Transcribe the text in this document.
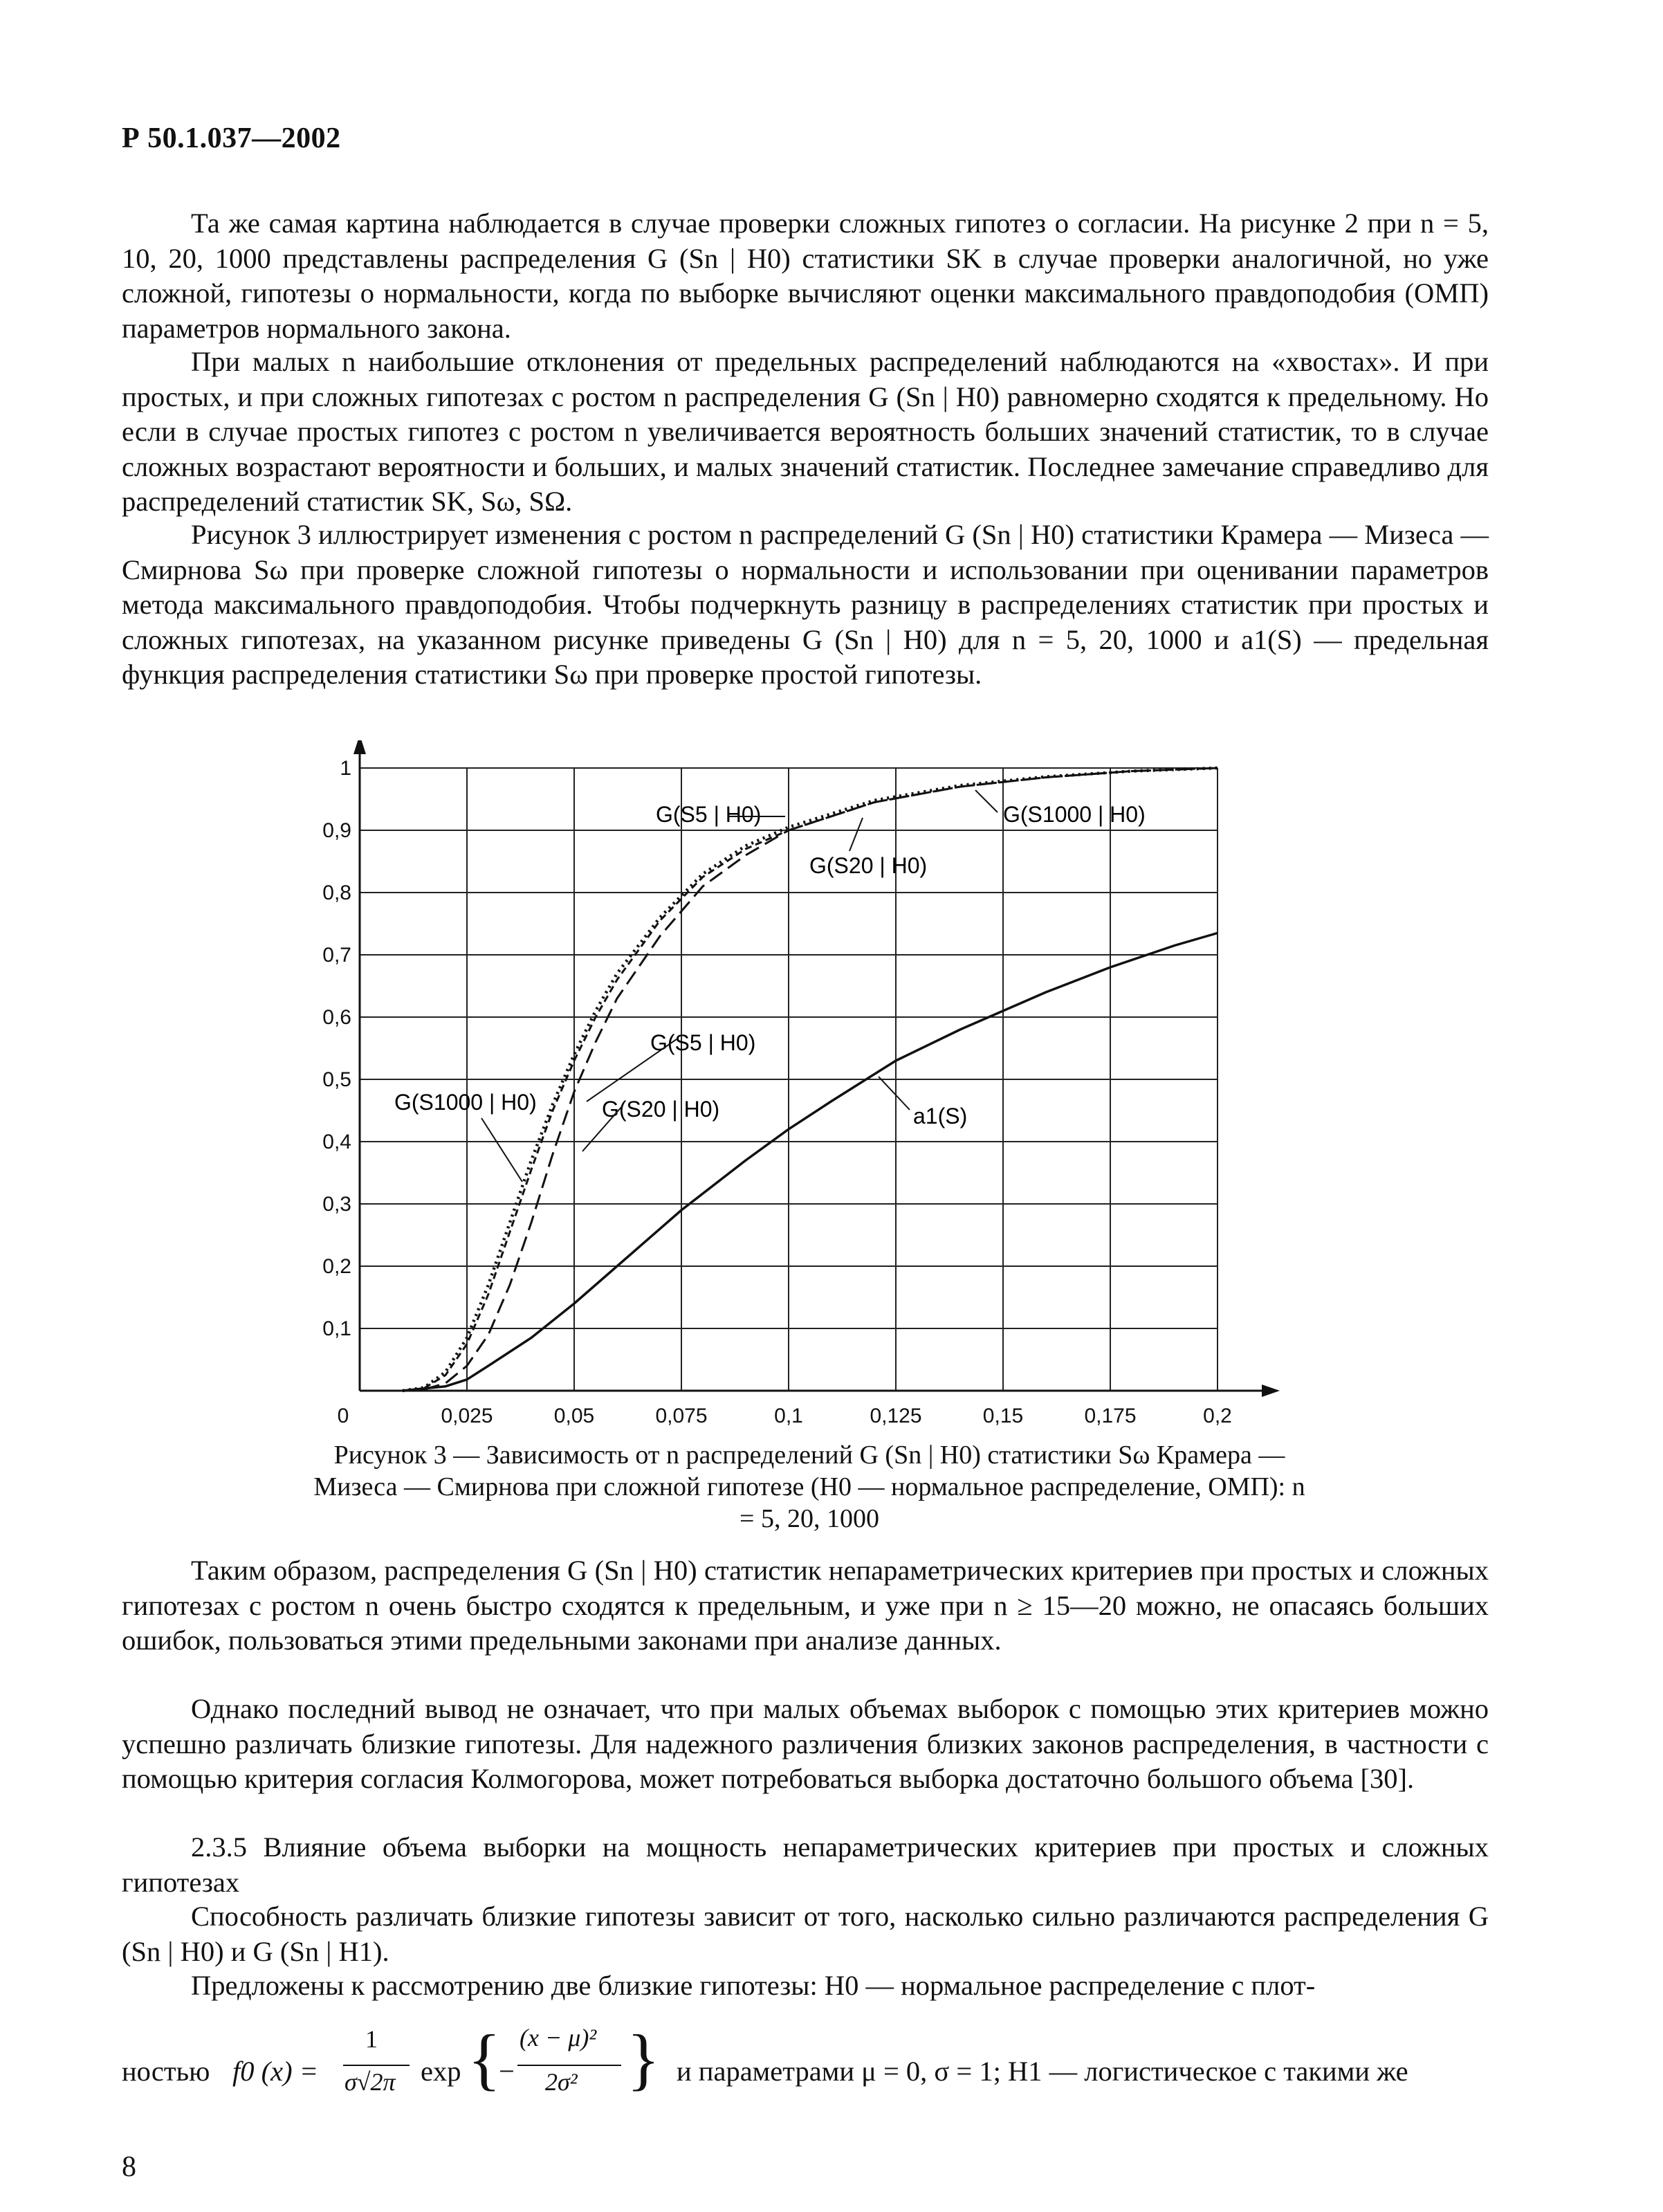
Р 50.1.037—2002
Та же самая картина наблюдается в случае проверки сложных гипотез о согласии. На рисунке 2 при n = 5, 10, 20, 1000 представлены распределения G (Sn | H0) статистики SK в случае проверки аналогичной, но уже сложной, гипотезы о нормальности, когда по выборке вычисляют оценки максимального правдоподобия (ОМП) параметров нормального закона.
При малых n наибольшие отклонения от предельных распределений наблюдаются на «хвостах». И при простых, и при сложных гипотезах с ростом n распределения G (Sn | H0) равномерно сходятся к предельному. Но если в случае простых гипотез с ростом n увеличивается вероятность больших значений статистик, то в случае сложных возрастают вероятности и больших, и малых значений статистик. Последнее замечание справедливо для распределений статистик SK, Sω, SΩ.
Рисунок 3 иллюстрирует изменения с ростом n распределений G (Sn | H0) статистики Крамера — Мизеса — Смирнова Sω при проверке сложной гипотезы о нормальности и использовании при оценивании параметров метода максимального правдоподобия. Чтобы подчеркнуть разницу в распределениях статистик при простых и сложных гипотезах, на указанном рисунке приведены G (Sn | H0) для n = 5, 20, 1000 и a1(S) — предельная функция распределения статистики Sω при проверке простой гипотезы.
0	0,025	0,05	0,075	0,1	0,125	0,15	0,175	0,2
0,1
0,2
0,3
0,4
0,5
0,6
0,7
0,8
0,9
1
G(S5 | H0)	G(S1000 | H0)
G(S20 | H0)
G(S5 | H0)
G(S1000 | H0)	G(S20 | H0)	a1(S)
Рисунок 3 — Зависимость от n распределений G (Sn | H0) статистики Sω Крамера — Мизеса — Смирнова при сложной гипотезе (H0 — нормальное распределение, ОМП): n = 5, 20, 1000
Таким образом, распределения G (Sn | H0) статистик непараметрических критериев при простых и сложных гипотезах с ростом n очень быстро сходятся к предельным, и уже при n ≥ 15—20 можно, не опасаясь больших ошибок, пользоваться этими предельными законами при анализе данных.
Однако последний вывод не означает, что при малых объемах выборок с помощью этих критериев можно успешно различать близкие гипотезы. Для надежного различения близких законов распределения, в частности с помощью критерия согласия Колмогорова, может потребоваться выборка достаточно большого объема [30].
2.3.5 Влияние объема выборки на мощность непараметрических критериев при простых и сложных гипотезах
Способность различать близкие гипотезы зависит от того, насколько сильно различаются распределения G (Sn | H0) и G (Sn | H1).
Предложены к рассмотрению две близкие гипотезы: H0 — нормальное распределение с плот-
ностью f0 (x) =
1
σ√2π exp {
−
(x − μ)²
2σ² } и параметрами μ = 0, σ = 1; H1 — логистическое с такими же
8
